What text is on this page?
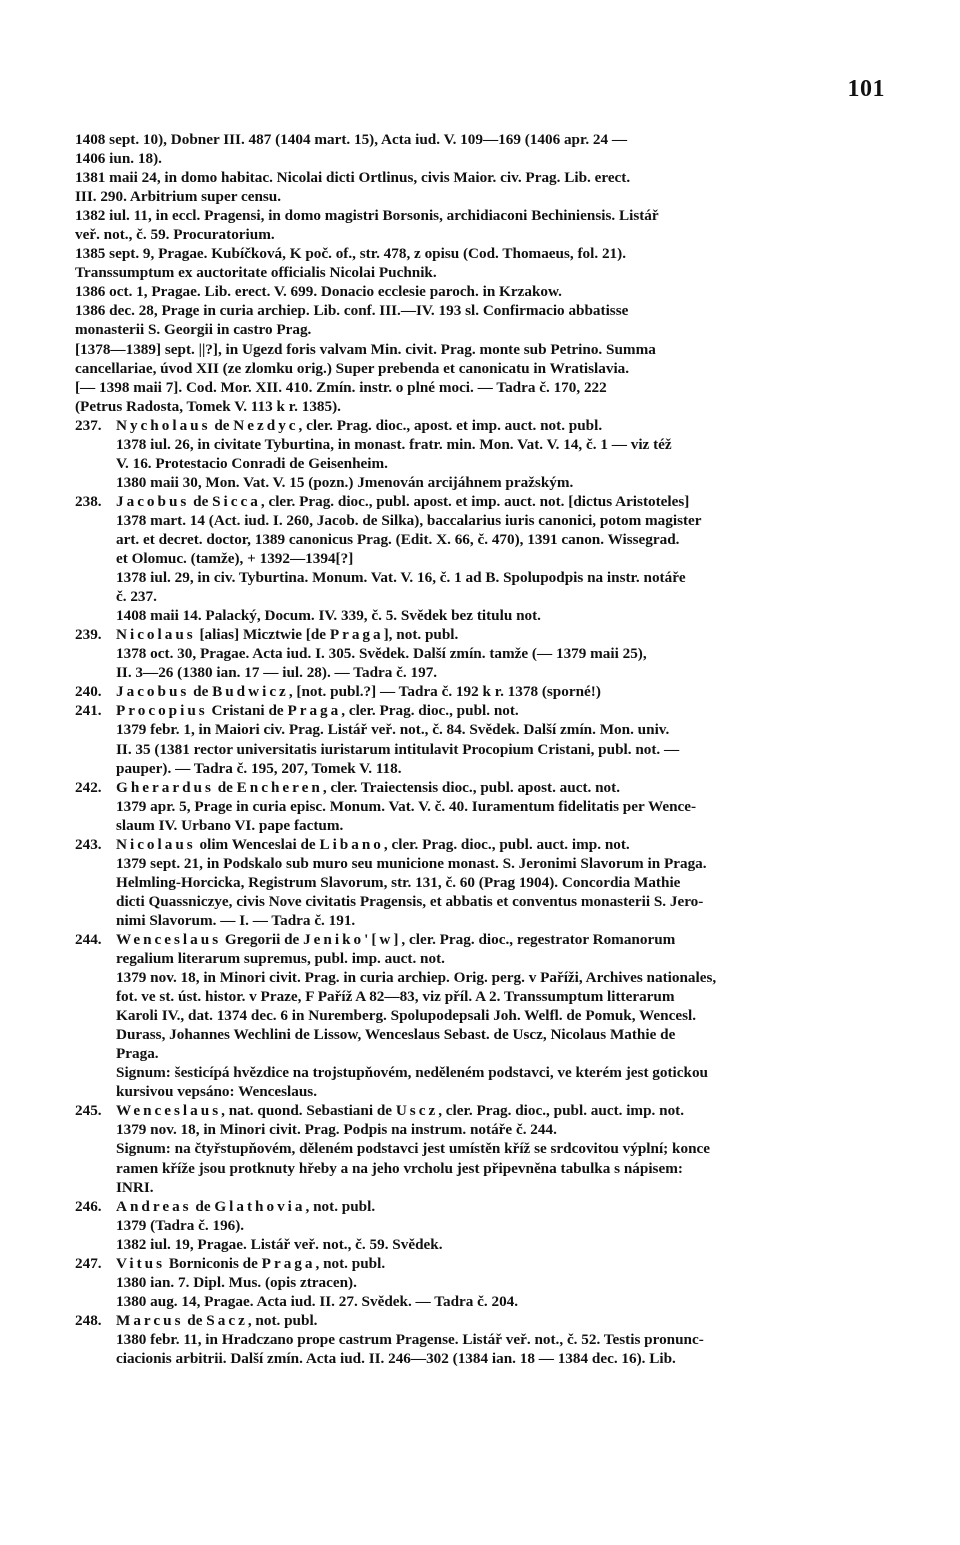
101
1408 sept. 10), Dobner III. 487 (1404 mart. 15), Acta iud. V. 109—169 (1406 apr. 24 —
1406 iun. 18).
1381 maii 24, in domo habitac. Nicolai dicti Ortlinus, civis Maior. civ. Prag. Lib. erect.
III. 290. Arbitrium super censu.
1382 iul. 11, in eccl. Pragensi, in domo magistri Borsonis, archidiaconi Bechiniensis. Listář
veř. not., č. 59. Procuratorium.
1385 sept. 9, Pragae. Kubíčková, K poč. of., str. 478, z opisu (Cod. Thomaeus, fol. 21).
Transsumptum ex auctoritate officialis Nicolai Puchnik.
1386 oct. 1, Pragae. Lib. erect. V. 699. Donacio ecclesie paroch. in Krzakow.
1386 dec. 28, Prage in curia archiep. Lib. conf. III.—IV. 193 sl. Confirmacio abbatisse
monasterii S. Georgii in castro Prag.
[1378—1389] sept. ||?], in Ugezd foris valvam Min. civit. Prag. monte sub Petrino. Summa
cancellariae, úvod XII (ze zlomku orig.) Super prebenda et canonicatu in Wratislavia.
[— 1398 maii 7]. Cod. Mor. XII. 410. Zmín. instr. o plné moci. — Tadra č. 170, 222
(Petrus Radosta, Tomek V. 113 k r. 1385).
237. Nycholaus de Nezdyc, cler. Prag. dioc., apost. et imp. auct. not. publ.
1378 iul. 26, in civitate Tyburtina, in monast. fratr. min. Mon. Vat. V. 14, č. 1 — viz též
V. 16. Protestacio Conradi de Geisenheim.
1380 maii 30, Mon. Vat. V. 15 (pozn.) Jmenován arcijáhnem pražským.
238. Jacobus de Sicca, cler. Prag. dioc., publ. apost. et imp. auct. not. [dictus Aristoteles]
1378 mart. 14 (Act. iud. I. 260, Jacob. de Silka), baccalarius iuris canonici, potom magister
art. et decret. doctor, 1389 canonicus Prag. (Edit. X. 66, č. 470), 1391 canon. Wissegrad.
et Olomuc. (tamže), + 1392—1394[?]
1378 iul. 29, in civ. Tyburtina. Monum. Vat. V. 16, č. 1 ad B. Spolupodpis na instr. notáře
č. 237.
1408 maii 14. Palacký, Docum. IV. 339, č. 5. Svědek bez titulu not.
239. Nicolaus [alias] Micztwie [de Praga], not. publ.
1378 oct. 30, Pragae. Acta iud. I. 305. Svědek. Další zmín. tamže (— 1379 maii 25),
II. 3—26 (1380 ian. 17 — iul. 28). — Tadra č. 197.
240. Jacobus de Budwicz, [not. publ.?] — Tadra č. 192 k r. 1378 (sporné!)
241. Procopius Cristani de Praga, cler. Prag. dioc., publ. not.
1379 febr. 1, in Maiori civ. Prag. Listář veř. not., č. 84. Svědek. Další zmín. Mon. univ.
II. 35 (1381 rector universitatis iuristarum intitulavit Procopium Cristani, publ. not. —
pauper). — Tadra č. 195, 207, Tomek V. 118.
242. Gherardus de Encheren, cler. Traiectensis dioc., publ. apost. auct. not.
1379 apr. 5, Prage in curia episc. Monum. Vat. V. č. 40. Iuramentum fidelitatis per Wence-
slaum IV. Urbano VI. pape factum.
243. Nicolaus olim Wenceslai de Libano, cler. Prag. dioc., publ. auct. imp. not.
1379 sept. 21, in Podskalo sub muro seu municione monast. S. Jeronimi Slavorum in Praga.
Helmling-Horcicka, Registrum Slavorum, str. 131, č. 60 (Prag 1904). Concordia Mathie
dicti Quassniczye, civis Nove civitatis Pragensis, et abbatis et conventus monasterii S. Jero-
nimi Slavorum. — I. — Tadra č. 191.
244. Wenceslaus Gregorii de Jeniko'[w], cler. Prag. dioc., regestrator Romanorum
regalium literarum supremus, publ. imp. auct. not.
1379 nov. 18, in Minori civit. Prag. in curia archiep. Orig. perg. v Paříži, Archives nationales,
fot. ve st. úst. histor. v Praze, F Paříž A 82—83, viz příl. A 2. Transsumptum litterarum
Karoli IV., dat. 1374 dec. 6 in Nuremberg. Spolupodepsali Joh. Welfl. de Pomuk, Wencesl.
Durass, Johannes Wechlini de Lissow, Wenceslaus Sebast. de Uscz, Nicolaus Mathie de
Praga.
Signum: šesticípá hvězdice na trojstupňovém, neděleném podstavci, ve kterém jest gotickou
kursivou vepsáno: Wenceslaus.
245. Wenceslaus, nat. quond. Sebastiani de Uscz, cler. Prag. dioc., publ. auct. imp. not.
1379 nov. 18, in Minori civit. Prag. Podpis na instrum. notáře č. 244.
Signum: na čtyřstupňovém, děleném podstavci jest umístěn kříž se srdcovitou výplní; konce
ramen kříže jsou protknuty hřeby a na jeho vrcholu jest připevněna tabulka s nápisem:
INRI.
246. Andreas de Glathovia, not. publ.
1379 (Tadra č. 196).
1382 iul. 19, Pragae. Listář veř. not., č. 59. Svědek.
247. Vitus Borniconis de Praga, not. publ.
1380 ian. 7. Dipl. Mus. (opis ztracen).
1380 aug. 14, Pragae. Acta iud. II. 27. Svědek. — Tadra č. 204.
248. Marcus de Sacz, not. publ.
1380 febr. 11, in Hradczano prope castrum Pragense. Listář veř. not., č. 52. Testis pronunc-
ciacionis arbitrii. Další zmín. Acta iud. II. 246—302 (1384 ian. 18 — 1384 dec. 16). Lib.
